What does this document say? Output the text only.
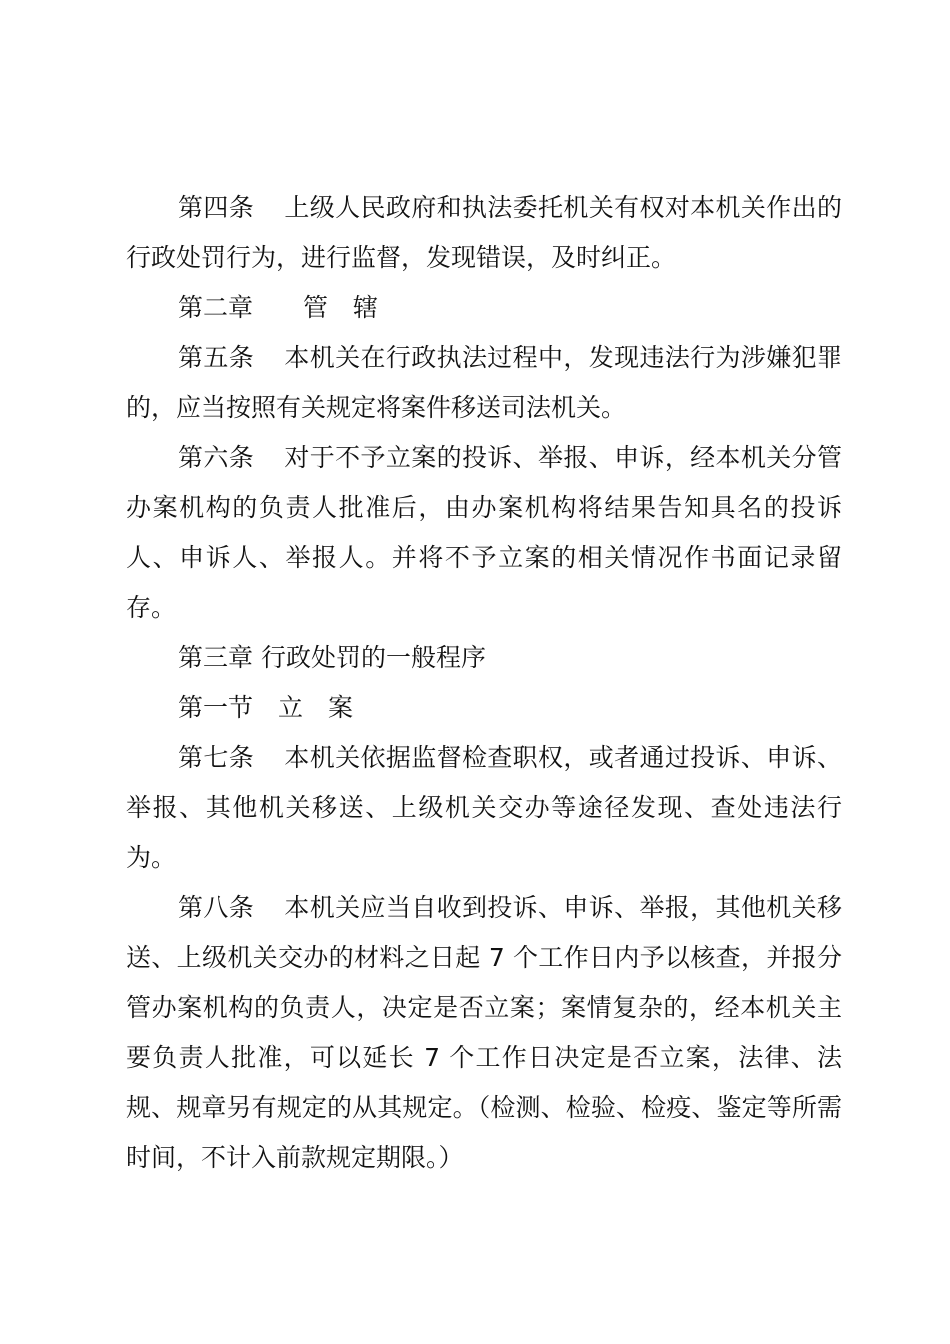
第四条 上级人民政府和执法委托机关有权对本机关作出的行政处罚行为，进行监督，发现错误，及时纠正。

第二章　　管　辖

第五条 本机关在行政执法过程中，发现违法行为涉嫌犯罪的，应当按照有关规定将案件移送司法机关。

第六条 对于不予立案的投诉、举报、申诉，经本机关分管办案机构的负责人批准后，由办案机构将结果告知具名的投诉人、申诉人、举报人。并将不予立案的相关情况作书面记录留存。

第三章 行政处罚的一般程序

第一节　立　案

第七条 本机关依据监督检查职权，或者通过投诉、申诉、举报、其他机关移送、上级机关交办等途径发现、查处违法行为。

第八条 本机关应当自收到投诉、申诉、举报，其他机关移送、上级机关交办的材料之日起 7 个工作日内予以核查，并报分管办案机构的负责人，决定是否立案；案情复杂的，经本机关主要负责人批准，可以延长 7 个工作日决定是否立案，法律、法规、规章另有规定的从其规定。（检测、检验、检疫、鉴定等所需时间，不计入前款规定期限。）
